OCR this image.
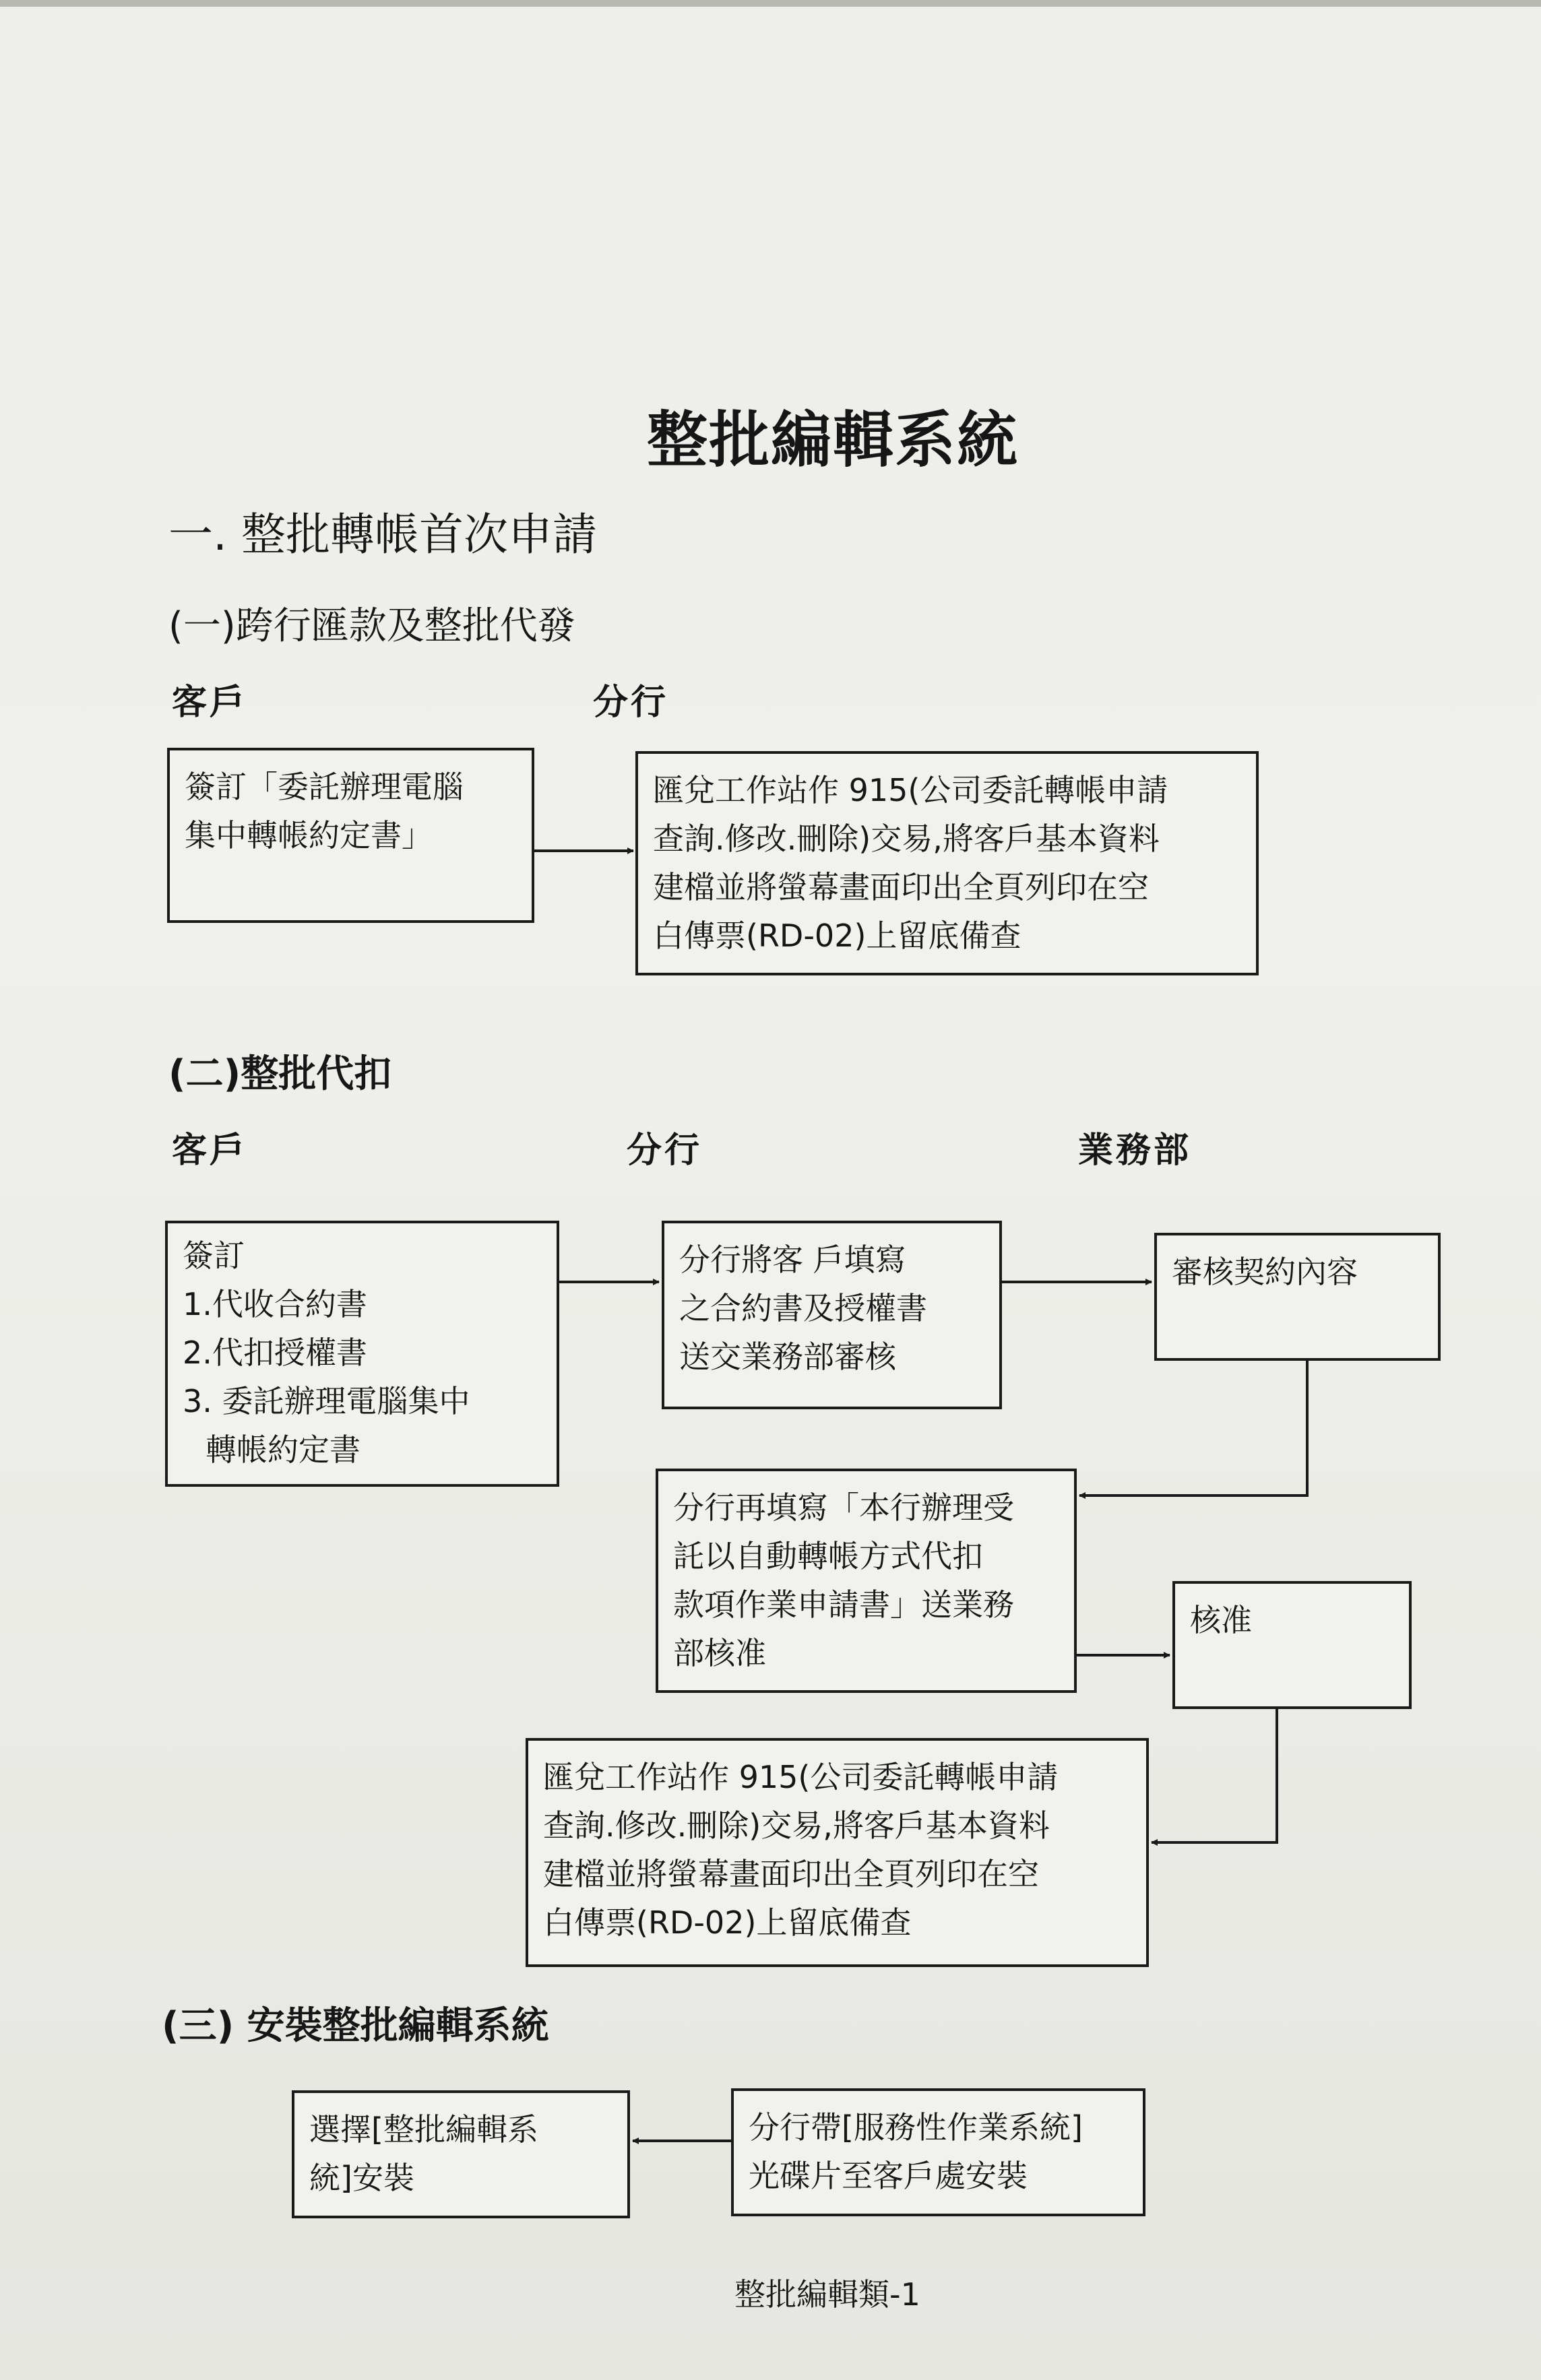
整批編輯系統
一. 整批轉帳首次申請
(一)跨行匯款及整批代發
客戶	分行
簽訂「委託辦理電腦
集中轉帳約定書」
匯兌工作站作 915(公司委託轉帳申請
查詢.修改.刪除)交易,將客戶基本資料
建檔並將螢幕畫面印出全頁列印在空
白傳票(RD-02)上留底備查
(二)整批代扣
客戶	分行	業務部
簽訂
1.代收合約書
2.代扣授權書
3. 委託辦理電腦集中
轉帳約定書
分行將客 戶填寫
之合約書及授權書
送交業務部審核
審核契約內容
分行再填寫「本行辦理受
託以自動轉帳方式代扣
款項作業申請書」送業務
部核准
核准
匯兌工作站作 915(公司委託轉帳申請
查詢.修改.刪除)交易,將客戶基本資料
建檔並將螢幕畫面印出全頁列印在空
白傳票(RD-02)上留底備查
(三) 安裝整批編輯系統
選擇[整批編輯系
統]安裝
分行帶[服務性作業系統]
光碟片至客戶處安裝
整批編輯類-1
